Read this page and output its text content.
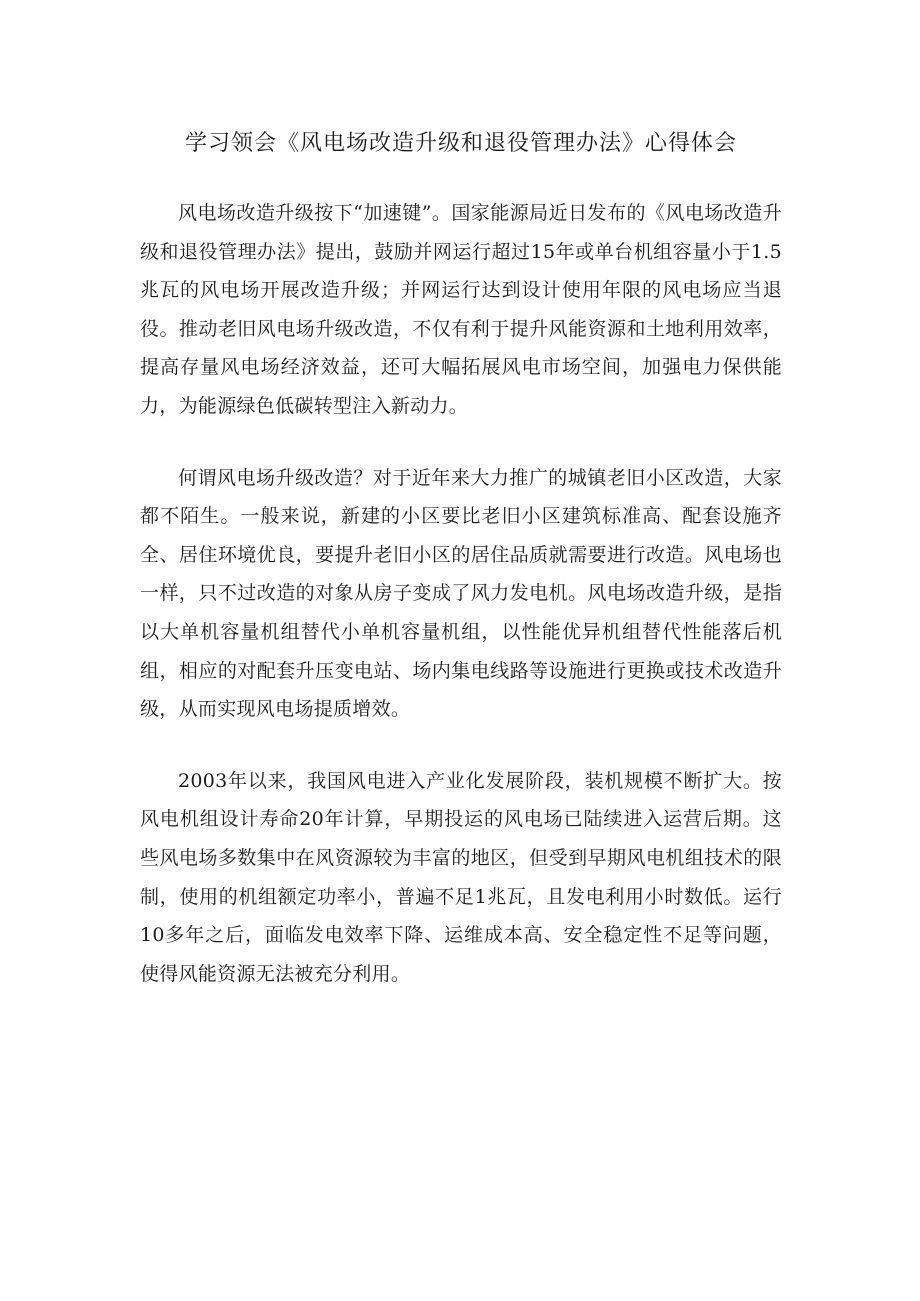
学习领会《风电场改造升级和退役管理办法》心得体会

风电场改造升级按下“加速键”。国家能源局近日发布的《风电场改造升级和退役管理办法》提出，鼓励并网运行超过15年或单台机组容量小于1.5兆瓦的风电场开展改造升级；并网运行达到设计使用年限的风电场应当退役。推动老旧风电场升级改造，不仅有利于提升风能资源和土地利用效率，提高存量风电场经济效益，还可大幅拓展风电市场空间，加强电力保供能力，为能源绿色低碳转型注入新动力。

何谓风电场升级改造？对于近年来大力推广的城镇老旧小区改造，大家都不陌生。一般来说，新建的小区要比老旧小区建筑标准高、配套设施齐全、居住环境优良，要提升老旧小区的居住品质就需要进行改造。风电场也一样，只不过改造的对象从房子变成了风力发电机。风电场改造升级，是指以大单机容量机组替代小单机容量机组，以性能优异机组替代性能落后机组，相应的对配套升压变电站、场内集电线路等设施进行更换或技术改造升级，从而实现风电场提质增效。

2003年以来，我国风电进入产业化发展阶段，装机规模不断扩大。按风电机组设计寿命20年计算，早期投运的风电场已陆续进入运营后期。这些风电场多数集中在风资源较为丰富的地区，但受到早期风电机组技术的限制，使用的机组额定功率小，普遍不足1兆瓦，且发电利用小时数低。运行10多年之后，面临发电效率下降、运维成本高、安全稳定性不足等问题，使得风能资源无法被充分利用。
